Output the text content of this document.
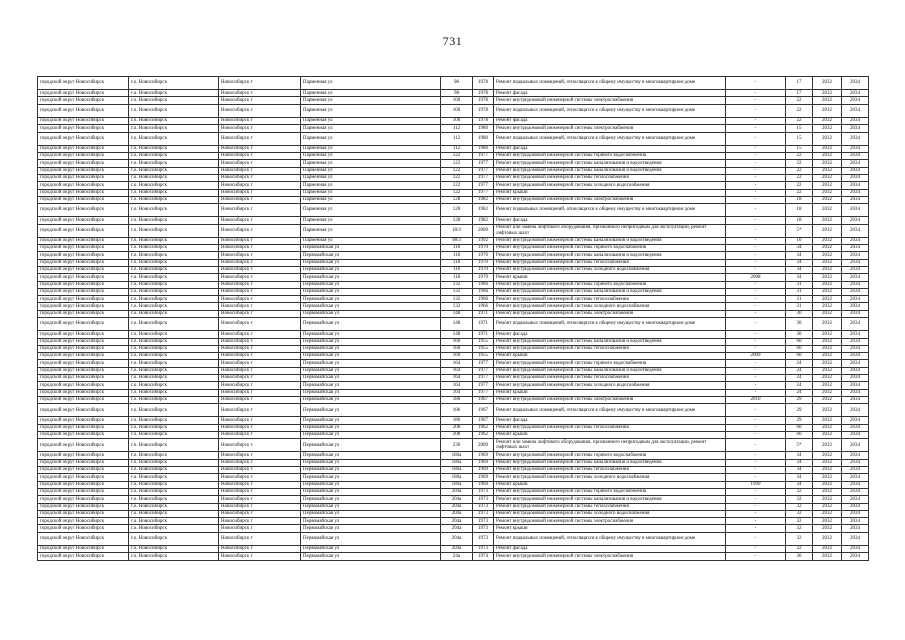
731
городской округ Новосибирск	г.о. Новосибирск	Новосибирск г	Парменная ул	98	1978	Ремонт подвальных помещений, относящихся к общему имуществу в многоквартирном доме	-	17	2032	2034
городской округ Новосибирск	г.о. Новосибирск	Новосибирск г	Парменная ул	98	1978	Ремонт фасада	-	17	2032	2034
городской округ Новосибирск	г.о. Новосибирск	Новосибирск г	Парменная ул	100	1978	Ремонт внутридомовой инженерной системы электроснабжения	-	22	2032	2034
городской округ Новосибирск	г.о. Новосибирск	Новосибирск г	Парменная ул	100	1978	Ремонт подвальных помещений, относящихся к общему имуществу в многоквартирном доме	-	22	2032	2034
городской округ Новосибирск	г.о. Новосибирск	Новосибирск г	Парменная ул	100	1978	Ремонт фасада	-	22	2032	2034
городской округ Новосибирск	г.о. Новосибирск	Новосибирск г	Парменная ул	112	1980	Ремонт внутридомовой инженерной системы электроснабжения	-	15	2032	2034
городской округ Новосибирск	г.о. Новосибирск	Новосибирск г	Парменная ул	112	1980	Ремонт подвальных помещений, относящихся к общему имуществу в многоквартирном доме	-	15	2032	2034
городской округ Новосибирск	г.о. Новосибирск	Новосибирск г	Парменная ул	112	1980	Ремонт фасада	-	15	2032	2034
городской округ Новосибирск	г.о. Новосибирск	Новосибирск г	Парменная ул	122	1977	Ремонт внутридомовой инженерной системы горячего водоснабжения	-	22	2032	2034
городской округ Новосибирск	г.о. Новосибирск	Новосибирск г	Парменная ул	122	1977	Ремонт внутридомовой инженерной системы канализования и водоотведения	-	22	2032	2034
городской округ Новосибирск	г.о. Новосибирск	Новосибирск г	Парменная ул	122	1977	Ремонт внутридомовой инженерной системы канализования и водоотведения	-	22	2032	2034
городской округ Новосибирск	г.о. Новосибирск	Новосибирск г	Парменная ул	122	1977	Ремонт внутридомовой инженерной системы теплоснабжения	-	22	2032	2034
городской округ Новосибирск	г.о. Новосибирск	Новосибирск г	Парменная ул	122	1977	Ремонт внутридомовой инженерной системы холодного водоснабжения	-	22	2032	2034
городской округ Новосибирск	г.о. Новосибирск	Новосибирск г	Парменная ул	122	1977	Ремонт крыши	-	22	2032	2034
городской округ Новосибирск	г.о. Новосибирск	Новосибирск г	Парменная ул	128	1982	Ремонт внутридомовой инженерной системы электроснабжения	-	18	2032	2034
городской округ Новосибирск	г.о. Новосибирск	Новосибирск г	Парменная ул	128	1982	Ремонт подвальных помещений, относящихся к общему имуществу в многоквартирном доме	-	18	2032	2034
городской округ Новосибирск	г.о. Новосибирск	Новосибирск г	Парменная ул	128	1982	Ремонт фасада	-	18	2032	2034
городской округ Новосибирск	г.о. Новосибирск	Новосибирск г	Парменная ул	18/3	2009	Ремонт или замена лифтового оборудования, признанного непригодным для эксплуатации, ремонт лифтовых шахт	-	5*	2032	2034
городской округ Новосибирск	г.о. Новосибирск	Новосибирск г	Парменная ул	98/3	1992	Ремонт внутридомовой инженерной системы канализования и водоотведения	-	10	2032	2034
городской округ Новосибирск	г.о. Новосибирск	Новосибирск г	Первомайская ул	118	1970	Ремонт внутридомовой инженерной системы горячего водоснабжения	-	34	2032	2034
городской округ Новосибирск	г.о. Новосибирск	Новосибирск г	Первомайская ул	118	1970	Ремонт внутридомовой инженерной системы канализования и водоотведения	-	34	2032	2034
городской округ Новосибирск	г.о. Новосибирск	Новосибирск г	Первомайская ул	118	1970	Ремонт внутридомовой инженерной системы теплоснабжения	-	34	2032	2034
городской округ Новосибирск	г.о. Новосибирск	Новосибирск г	Первомайская ул	118	1970	Ремонт внутридомовой инженерной системы холодного водоснабжения	-	34	2032	2034
городской округ Новосибирск	г.о. Новосибирск	Новосибирск г	Первомайская ул	118	1970	Ремонт крыши	2008	34	2032	2034
городской округ Новосибирск	г.о. Новосибирск	Новосибирск г	Первомайская ул	132	1966	Ремонт внутридомовой инженерной системы горячего водоснабжения	-	31	2032	2034
городской округ Новосибирск	г.о. Новосибирск	Новосибирск г	Первомайская ул	132	1966	Ремонт внутридомовой инженерной системы канализования и водоотведения	-	31	2032	2034
городской округ Новосибирск	г.о. Новосибирск	Новосибирск г	Первомайская ул	132	1966	Ремонт внутридомовой инженерной системы теплоснабжения	-	31	2032	2034
городской округ Новосибирск	г.о. Новосибирск	Новосибирск г	Первомайская ул	132	1966	Ремонт внутридомовой инженерной системы холодного водоснабжения	-	31	2032	2034
городской округ Новосибирск	г.о. Новосибирск	Новосибирск г	Первомайская ул	148	1971	Ремонт внутридомовой инженерной системы электроснабжения	-	30	2032	2034
городской округ Новосибирск	г.о. Новосибирск	Новосибирск г	Первомайская ул	148	1971	Ремонт подвальных помещений, относящихся к общему имуществу в многоквартирном доме	-	30	2032	2034
городской округ Новосибирск	г.о. Новосибирск	Новосибирск г	Первомайская ул	148	1971	Ремонт фасада	-	30	2032	2034
городской округ Новосибирск	г.о. Новосибирск	Новосибирск г	Первомайская ул	160	1955	Ремонт внутридомовой инженерной системы канализования и водоотведения	-	60	2032	2034
городской округ Новосибирск	г.о. Новосибирск	Новосибирск г	Первомайская ул	160	1955	Ремонт внутридомовой инженерной системы теплоснабжения	-	60	2032	2034
городской округ Новосибирск	г.о. Новосибирск	Новосибирск г	Первомайская ул	160	1955	Ремонт крыши	2009	60	2032	2034
городской округ Новосибирск	г.о. Новосибирск	Новосибирск г	Первомайская ул	164	1977	Ремонт внутридомовой инженерной системы горячего водоснабжения	-	24	2032	2034
городской округ Новосибирск	г.о. Новосибирск	Новосибирск г	Первомайская ул	164	1977	Ремонт внутридомовой инженерной системы канализования и водоотведения	-	24	2032	2034
городской округ Новосибирск	г.о. Новосибирск	Новосибирск г	Первомайская ул	164	1977	Ремонт внутридомовой инженерной системы теплоснабжения	-	24	2032	2034
городской округ Новосибирск	г.о. Новосибирск	Новосибирск г	Первомайская ул	164	1977	Ремонт внутридомовой инженерной системы холодного водоснабжения	-	24	2032	2034
городской округ Новосибирск	г.о. Новосибирск	Новосибирск г	Первомайская ул	164	1977	Ремонт крыши	-	24	2032	2034
городской округ Новосибирск	г.о. Новосибирск	Новосибирск г	Первомайская ул	186	1967	Ремонт внутридомовой инженерной системы электроснабжения	2010	29	2032	2034
городской округ Новосибирск	г.о. Новосибирск	Новосибирск г	Первомайская ул	186	1967	Ремонт подвальных помещений, относящихся к общему имуществу в многоквартирном доме	-	29	2032	2034
городской округ Новосибирск	г.о. Новосибирск	Новосибирск г	Первомайская ул	186	1967	Ремонт фасада	-	29	2032	2034
городской округ Новосибирск	г.о. Новосибирск	Новосибирск г	Первомайская ул	208	1962	Ремонт внутридомовой инженерной системы теплоснабжения	-	60	2032	2034
городской округ Новосибирск	г.о. Новосибирск	Новосибирск г	Первомайская ул	208	1962	Ремонт крыши	-	60	2032	2034
городской округ Новосибирск	г.о. Новосибирск	Новосибирск г	Первомайская ул	236	2009	Ремонт или замена лифтового оборудования, признанного непригодным для эксплуатации, ремонт лифтовых шахт	-	5*	2032	2034
городской округ Новосибирск	г.о. Новосибирск	Новосибирск г	Первомайская ул	186а	1969	Ремонт внутридомовой инженерной системы горячего водоснабжения	-	34	2032	2034
городской округ Новосибирск	г.о. Новосибирск	Новосибирск г	Первомайская ул	186а	1969	Ремонт внутридомовой инженерной системы канализования и водоотведения	-	34	2032	2034
городской округ Новосибирск	г.о. Новосибирск	Новосибирск г	Первомайская ул	186а	1969	Ремонт внутридомовой инженерной системы теплоснабжения	-	34	2032	2034
городской округ Новосибирск	г.о. Новосибирск	Новосибирск г	Первомайская ул	186а	1969	Ремонт внутридомовой инженерной системы холодного водоснабжения	-	34	2032	2034
городской округ Новосибирск	г.о. Новосибирск	Новосибирск г	Первомайская ул	186а	1969	Ремонт крыши	1999	34	2032	2034
городской округ Новосибирск	г.о. Новосибирск	Новосибирск г	Первомайская ул	204а	1973	Ремонт внутридомовой инженерной системы горячего водоснабжения	-	32	2032	2034
городской округ Новосибирск	г.о. Новосибирск	Новосибирск г	Первомайская ул	204а	1973	Ремонт внутридомовой инженерной системы канализования и водоотведения	-	32	2032	2034
городской округ Новосибирск	г.о. Новосибирск	Новосибирск г	Первомайская ул	204а	1973	Ремонт внутридомовой инженерной системы теплоснабжения	-	32	2032	2034
городской округ Новосибирск	г.о. Новосибирск	Новосибирск г	Первомайская ул	204а	1973	Ремонт внутридомовой инженерной системы холодного водоснабжения	-	32	2032	2034
городской округ Новосибирск	г.о. Новосибирск	Новосибирск г	Первомайская ул	204а	1973	Ремонт внутридомовой инженерной системы электроснабжения	-	32	2032	2034
городской округ Новосибирск	г.о. Новосибирск	Новосибирск г	Первомайская ул	204а	1973	Ремонт крыши	-	32	2032	2034
городской округ Новосибирск	г.о. Новосибирск	Новосибирск г	Первомайская ул	204а	1973	Ремонт подвальных помещений, относящихся к общему имуществу в многоквартирном доме	-	32	2032	2034
городской округ Новосибирск	г.о. Новосибирск	Новосибирск г	Первомайская ул	204а	1973	Ремонт фасада	-	32	2032	2034
городской округ Новосибирск	г.о. Новосибирск	Новосибирск г	Первомайская ул	24а	1974	Ремонт внутридомовой инженерной системы электроснабжения	-	36	2032	2034
